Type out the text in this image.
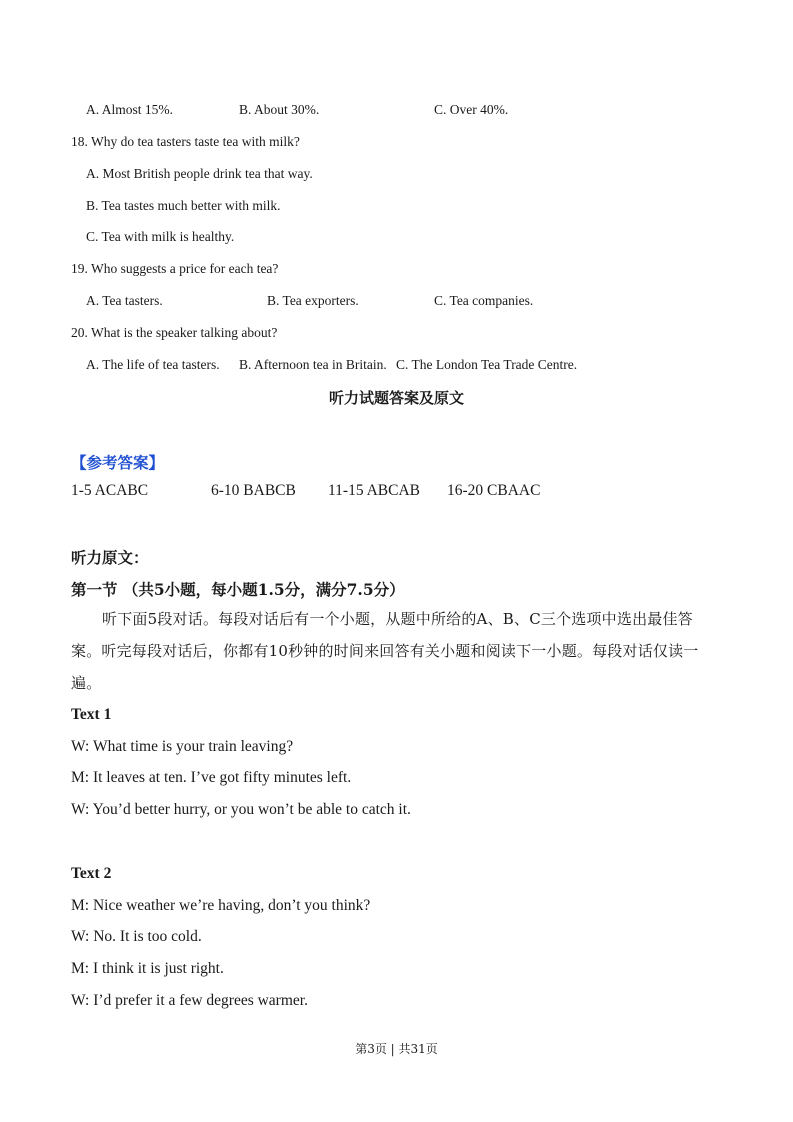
A. Almost 15%.	B. About 30%.	C. Over 40%.
18. Why do tea tasters taste tea with milk?
A. Most British people drink tea that way.
B. Tea tastes much better with milk.
C. Tea with milk is healthy.
19. Who suggests a price for each tea?
A. Tea tasters.	B. Tea exporters.	C. Tea companies.
20. What is the speaker talking about?
A. The life of tea tasters. B. Afternoon tea in Britain. C. The London Tea Trade Centre.
听力试题答案及原文
【参考答案】
1-5 ACABC	6-10 BABCB 11-15 ABCAB 16-20 CBAAC
听力原文：
第一节 （共5小题，每小题1.5分，满分7.5分）
听下面5段对话。每段对话后有一个小题，从题中所给的A、B、C三个选项中选出最佳答案。听完每段对话后，你都有10秒钟的时间来回答有关小题和阅读下一小题。每段对话仅读一遍。
Text 1
W: What time is your train leaving?
M: It leaves at ten. I’ve got fifty minutes left.
W: You’d better hurry, or you won’t be able to catch it.
Text 2
M: Nice weather we’re having, don’t you think?
W: No. It is too cold.
M: I think it is just right.
W: I’d prefer it a few degrees warmer.
第3页 | 共31页
